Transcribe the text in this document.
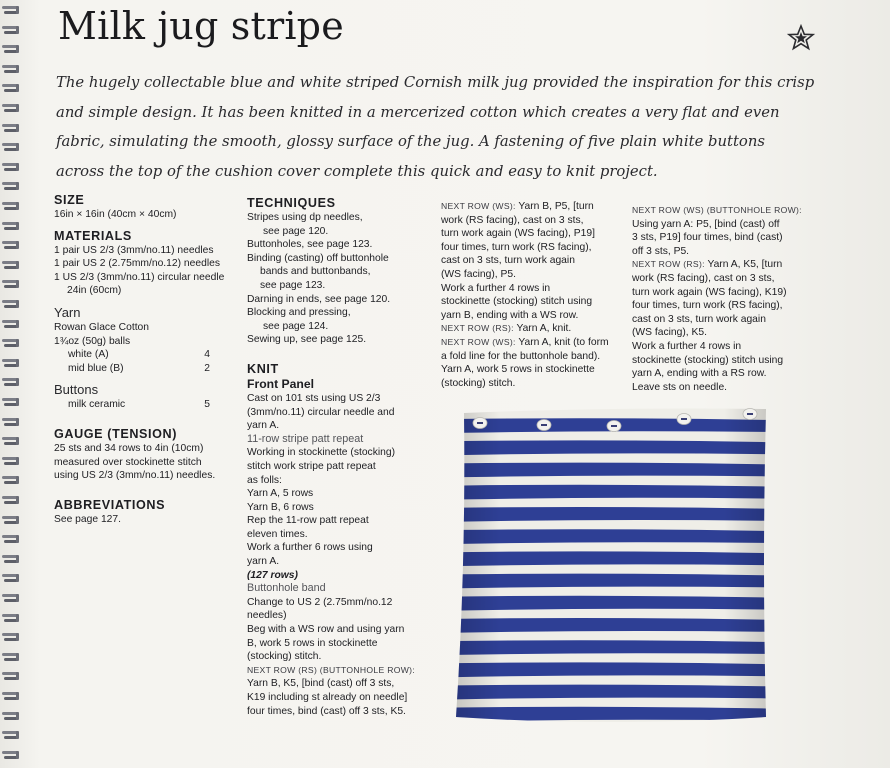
Milk jug stripe
The hugely collectable blue and white striped Cornish milk jug provided the inspiration for this crisp and simple design. It has been knitted in a mercerized cotton which creates a very flat and even fabric, simulating the smooth, glossy surface of the jug. A fastening of five plain white buttons across the top of the cushion cover complete this quick and easy to knit project.
SIZE
16in × 16in (40cm × 40cm)
MATERIALS
1 pair US 2/3 (3mm/no.11) needles
1 pair US 2 (2.75mm/no.12) needles
1 US 2/3 (3mm/no.11) circular needle
24in (60cm)
Yarn
Rowan Glace Cotton
1¾oz (50g) balls
white (A)	4
mid blue (B)	2
Buttons
milk ceramic	5
GAUGE (TENSION)
25 sts and 34 rows to 4in (10cm)
measured over stockinette stitch
using US 2/3 (3mm/no.11) needles.
ABBREVIATIONS
See page 127.
TECHNIQUES
Stripes using dp needles,
see page 120.
Buttonholes, see page 123.
Binding (casting) off buttonhole
bands and buttonbands,
see page 123.
Darning in ends, see page 120.
Blocking and pressing,
see page 124.
Sewing up, see page 125.
KNIT
Front Panel
Cast on 101 sts using US 2/3
(3mm/no.11) circular needle and
yarn A.
11-row stripe patt repeat
Working in stockinette (stocking)
stitch work stripe patt repeat
as folls:
Yarn A, 5 rows
Yarn B, 6 rows
Rep the 11-row patt repeat
eleven times.
Work a further 6 rows using
yarn A.
(127 rows)
Buttonhole band
Change to US 2 (2.75mm/no.12
needles)
Beg with a WS row and using yarn
B, work 5 rows in stockinette
(stocking) stitch.
NEXT ROW (RS) (BUTTONHOLE ROW):
Yarn B, K5, [bind (cast) off 3 sts,
K19 including st already on needle]
four times, bind (cast) off 3 sts, K5.
NEXT ROW (WS): Yarn B, P5, [turn
work (RS facing), cast on 3 sts,
turn work again (WS facing), P19]
four times, turn work (RS facing),
cast on 3 sts, turn work again
(WS facing), P5.
Work a further 4 rows in
stockinette (stocking) stitch using
yarn B, ending with a WS row.
NEXT ROW (RS): Yarn A, knit.
NEXT ROW (WS): Yarn A, knit (to form
a fold line for the buttonhole band).
Yarn A, work 5 rows in stockinette
(stocking) stitch.
NEXT ROW (WS) (BUTTONHOLE ROW):
Using yarn A: P5, [bind (cast) off
3 sts, P19] four times, bind (cast)
off 3 sts, P5.
NEXT ROW (RS): Yarn A, K5, [turn
work (RS facing), cast on 3 sts,
turn work again (WS facing), K19)
four times, turn work (RS facing),
cast on 3 sts, turn work again
(WS facing), K5.
Work a further 4 rows in
stockinette (stocking) stitch using
yarn A, ending with a RS row.
Leave sts on needle.
